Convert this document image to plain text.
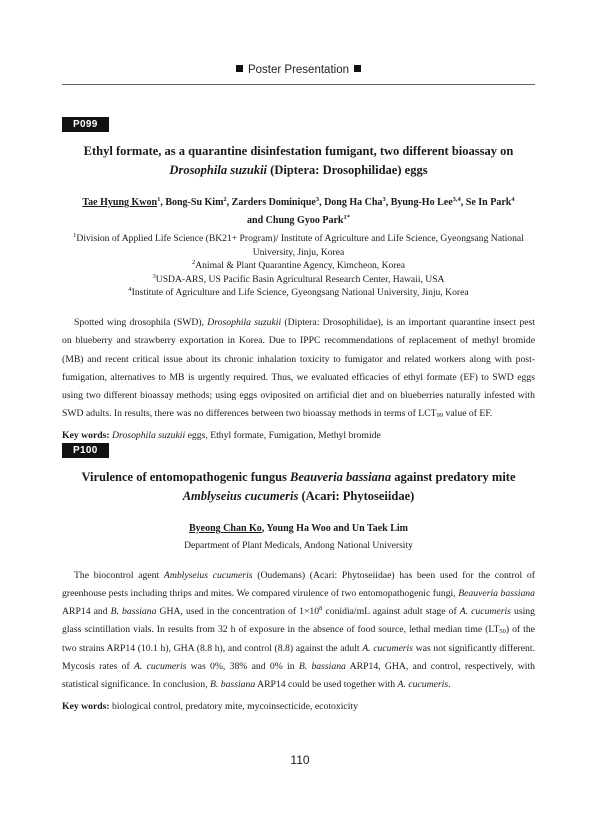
Poster Presentation
P099
Ethyl formate, as a quarantine disinfestation fumigant, two different bioassay on Drosophila suzukii (Diptera: Drosophilidae) eggs
Tae Hyung Kwon$^1$, Bong-Su Kim$^2$, Zarders Dominique$^3$, Dong Ha Cha$^3$, Byung-Ho Lee$^{3,4}$, Se In Park$^4$
and Chung Gyoo Park$^{1*}$
$^1$Division of Applied Life Science (BK21+ Program)/ Institute of Agriculture and Life Science, Gyeongsang National University, Jinju, Korea
$^2$Animal & Plant Quarantine Agency, Kimcheon, Korea
$^3$USDA-ARS, US Pacific Basin Agricultural Research Center, Hawaii, USA
$^4$Institute of Agriculture and Life Science, Gyeongsang National University, Jinju, Korea
Spotted wing drosophila (SWD), Drosophila suzukii (Diptera: Drosophilidae), is an important quarantine insect pest on blueberry and strawberry exportation in Korea. Due to IPPC recommendations of replacement of methyl bromide (MB) and recent critical issue about its chronic inhalation toxicity to fumigator and related workers along with post-fumigation, alternatives to MB is urgently required. Thus, we evaluated efficacies of ethyl formate (EF) to SWD eggs using two different bioassay methods; using eggs oviposited on artificial diet and on blueberries naturally infested with SWD adults. In results, there was no differences between two bioassay methods in terms of $LCT_{99}$ value of EF.
Key words: Drosophila suzukii eggs, Ethyl formate, Fumigation, Methyl bromide
P100
Virulence of entomopathogenic fungus Beauveria bassiana against predatory mite
Amblyseius cucumeris (Acari: Phytoseiidae)
Byeong Chan Ko, Young Ha Woo and Un Taek Lim
Department of Plant Medicals, Andong National University
The biocontrol agent Amblyseius cucumeris (Oudemans) (Acari: Phytoseiidae) has been used for the control of greenhouse pests including thrips and mites. We compared virulence of two entomopathogenic fungi, Beauveria bassiana ARP14 and B. bassiana GHA, used in the concentration of $1\times 10^8$ conidia/mL against adult stage of A. cucumeris using glass scintillation vials. In results from 32 h of exposure in the absence of food source, lethal median time $(LT_{50})$ of the two strains ARP14 (10.1 h), GHA (8.8 h), and control (8.8) against the adult A. cucumeris was not significantly different. Mycosis rates of A. cucumeris was 0%, 38% and 0% in B. bassiana ARP14, GHA, and control, respectively, with statistical significance. In conclusion, B. bassiana ARP14 could be used together with A. cucumeris.
Key words: biological control, predatory mite, mycoinsecticide, ecotoxicity
110
